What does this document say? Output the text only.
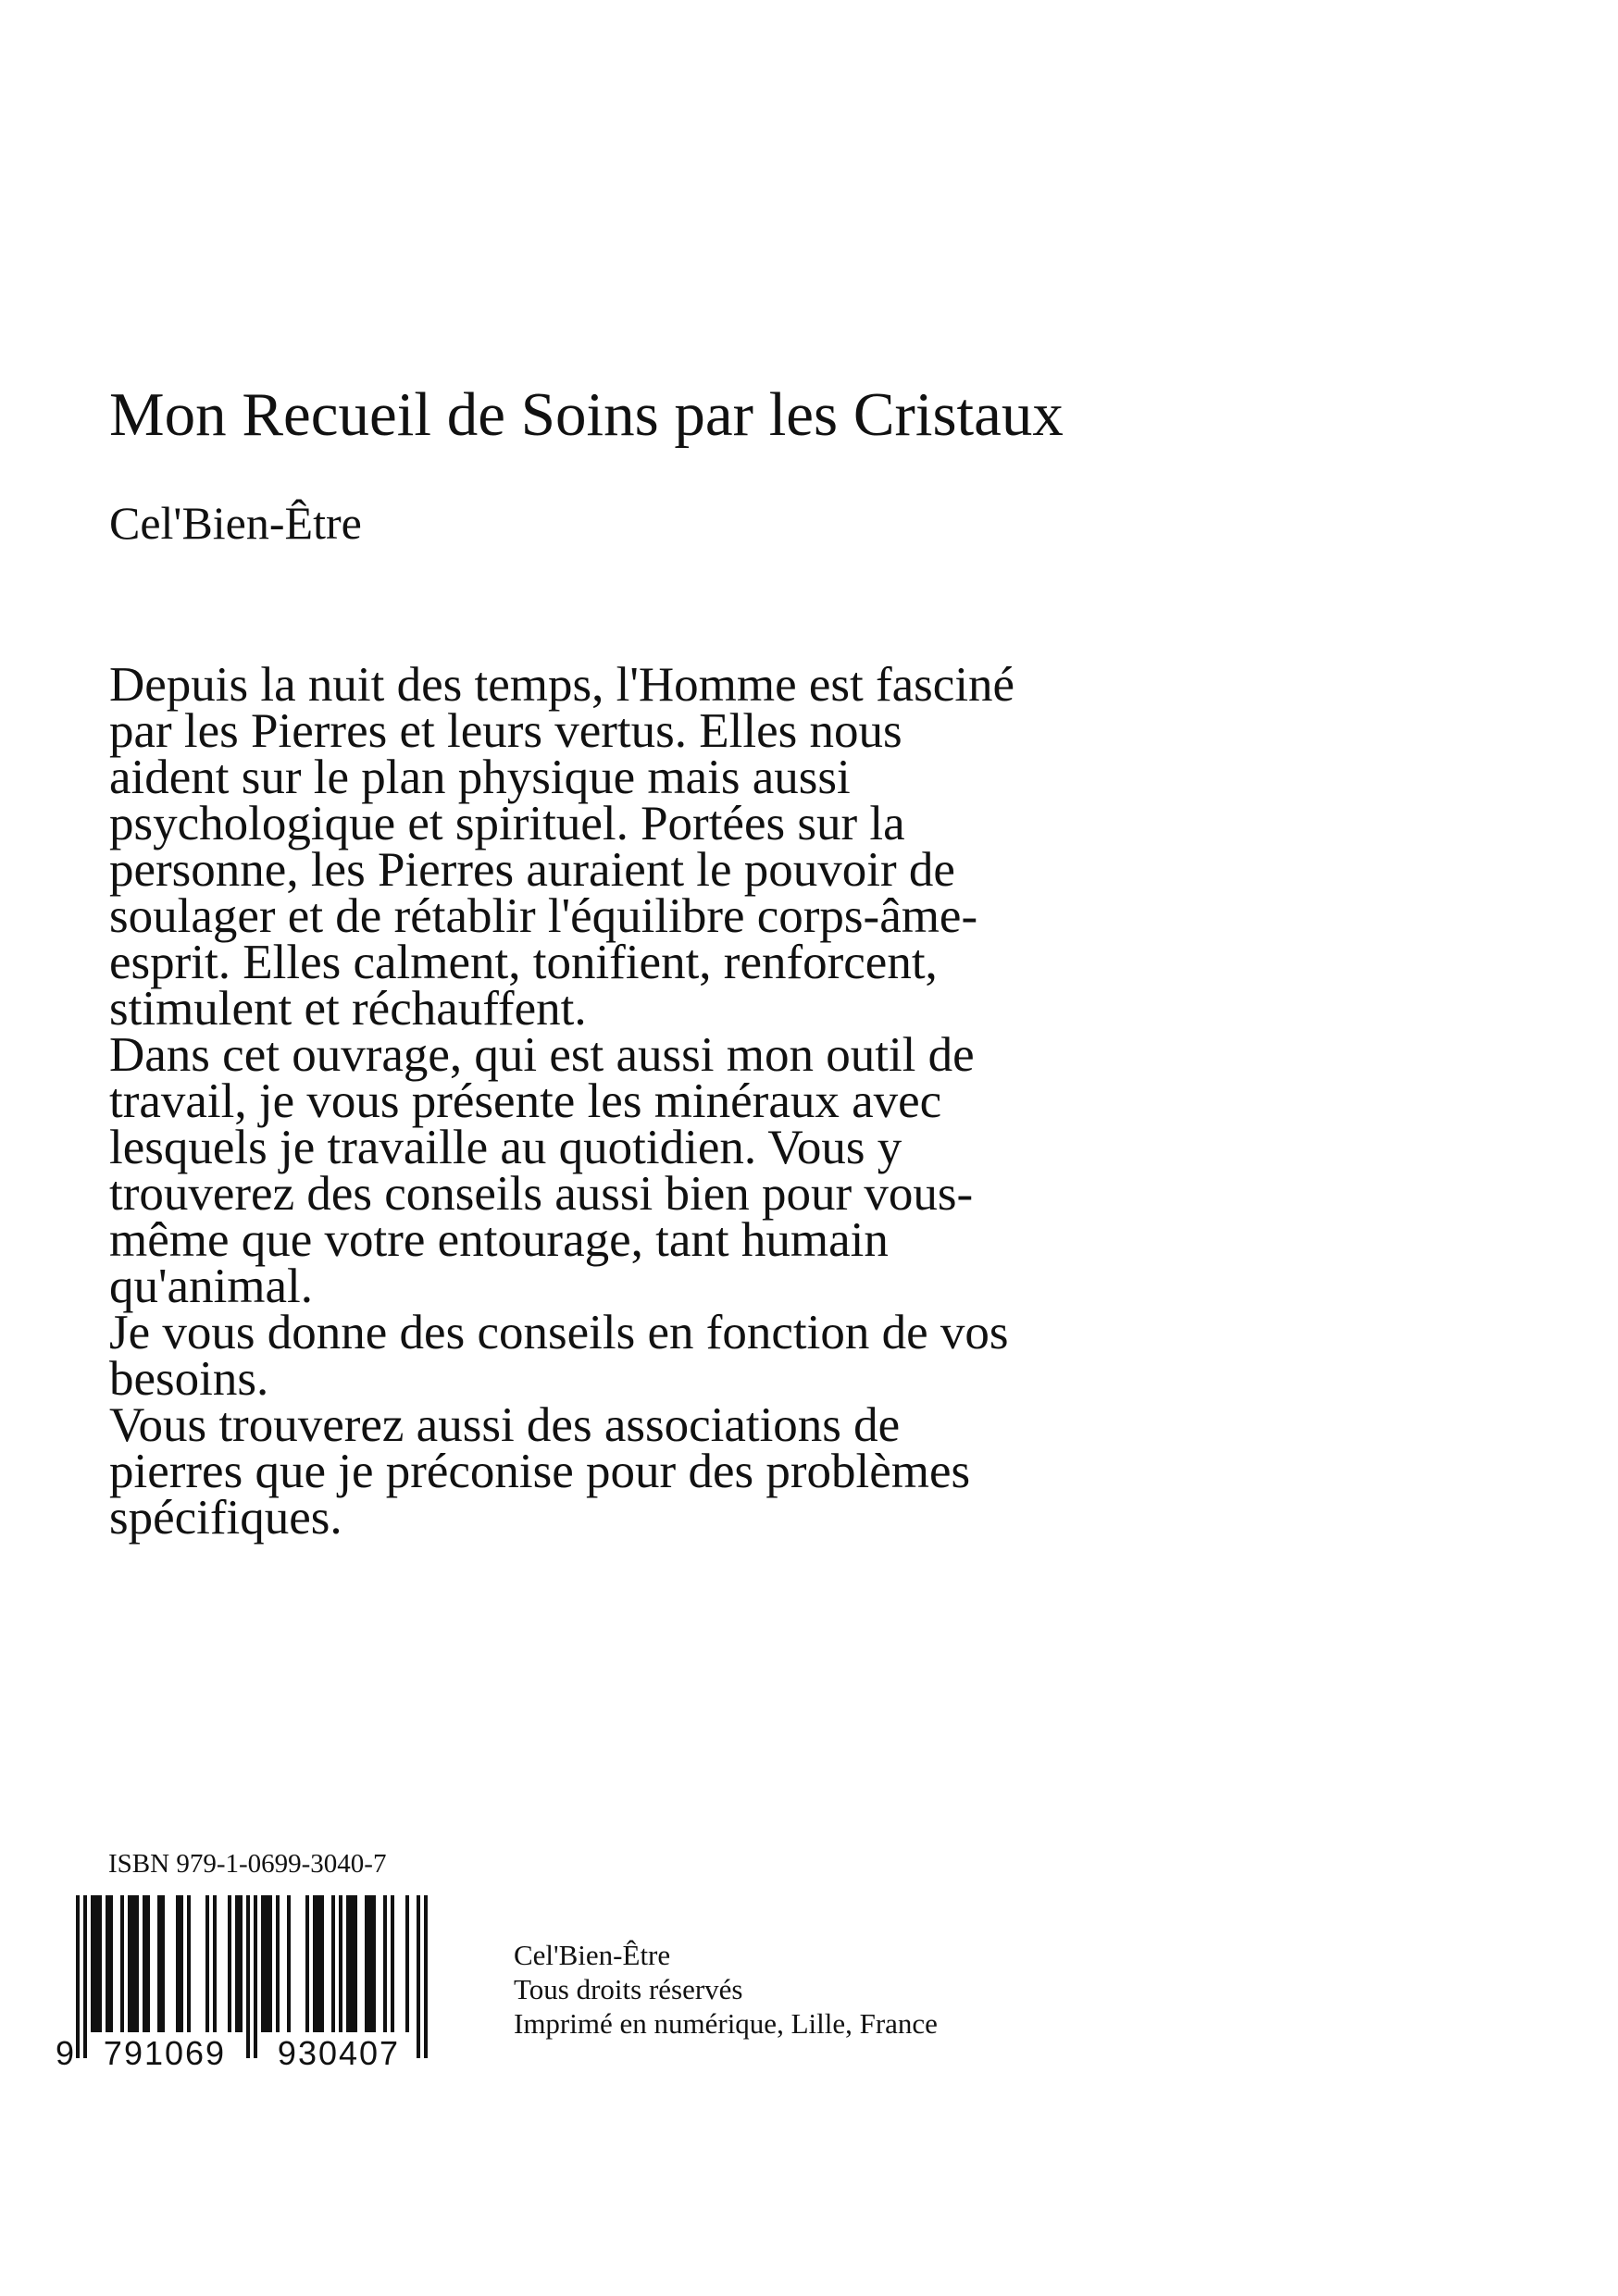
Mon Recueil de Soins par les Cristaux
Cel'Bien-Être

Depuis la nuit des temps, l'Homme est fasciné

par les Pierres et leurs vertus. Elles nous

aident sur le plan physique mais aussi

psychologique et spirituel. Portées sur la

personne, les Pierres auraient le pouvoir de

soulager et de rétablir l'équilibre corps-âme-

esprit. Elles calment, tonifient, renforcent,

stimulent et réchauffent.

Dans cet ouvrage, qui est aussi mon outil de

travail, je vous présente les minéraux avec

lesquels je travaille au quotidien. Vous y

trouverez des conseils aussi bien pour vous-

même que votre entourage, tant humain

qu'animal.

Je vous donne des conseils en fonction de vos

besoins.

Vous trouverez aussi des associations de

pierres que je préconise pour des problèmes

spécifiques.

ISBN 979-1-0699-3040-7
9 791069 930407
Cel'Bien-Être
Tous droits réservés
Imprimé en numérique, Lille, France
